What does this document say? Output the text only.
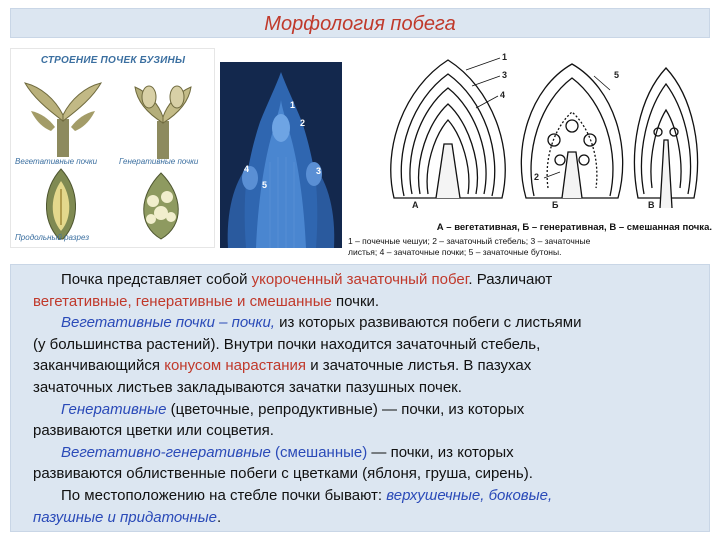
Морфология побега
СТРОЕНИЕ ПОЧЕК БУЗИНЫ
Вегетативные почки	Генеративные почки
Продольный разрез
1
2
3
4
5
1
3
4
2
5
А	Б	В
А – вегетативная, Б – генеративная, В – смешанная почка.
1 – почечные чешуи; 2 – зачаточный стебель; 3 – зачаточные
листья; 4 – зачаточные почки; 5 – зачаточные бутоны.

Почка представляет собой укороченный зачаточный побег. Различают

вегетативные, генеративные и смешанные почки.

Вегетативные почки – почки, из которых развиваются побеги с листьями

(у большинства растений). Внутри почки находится зачаточный стебель,

заканчивающийся конусом нарастания и зачаточные листья. В пазухах

зачаточных листьев закладываются зачатки пазушных почек.

Генеративные (цветочные, репродуктивные) — почки, из которых

развиваются цветки или соцветия.

Вегетативно-генеративные (смешанные) — почки, из которых

развиваются облиственные побеги с цветками (яблоня, груша, сирень).

По местоположению на стебле почки бывают: верхушечные, боковые,

пазушные и придаточные.
